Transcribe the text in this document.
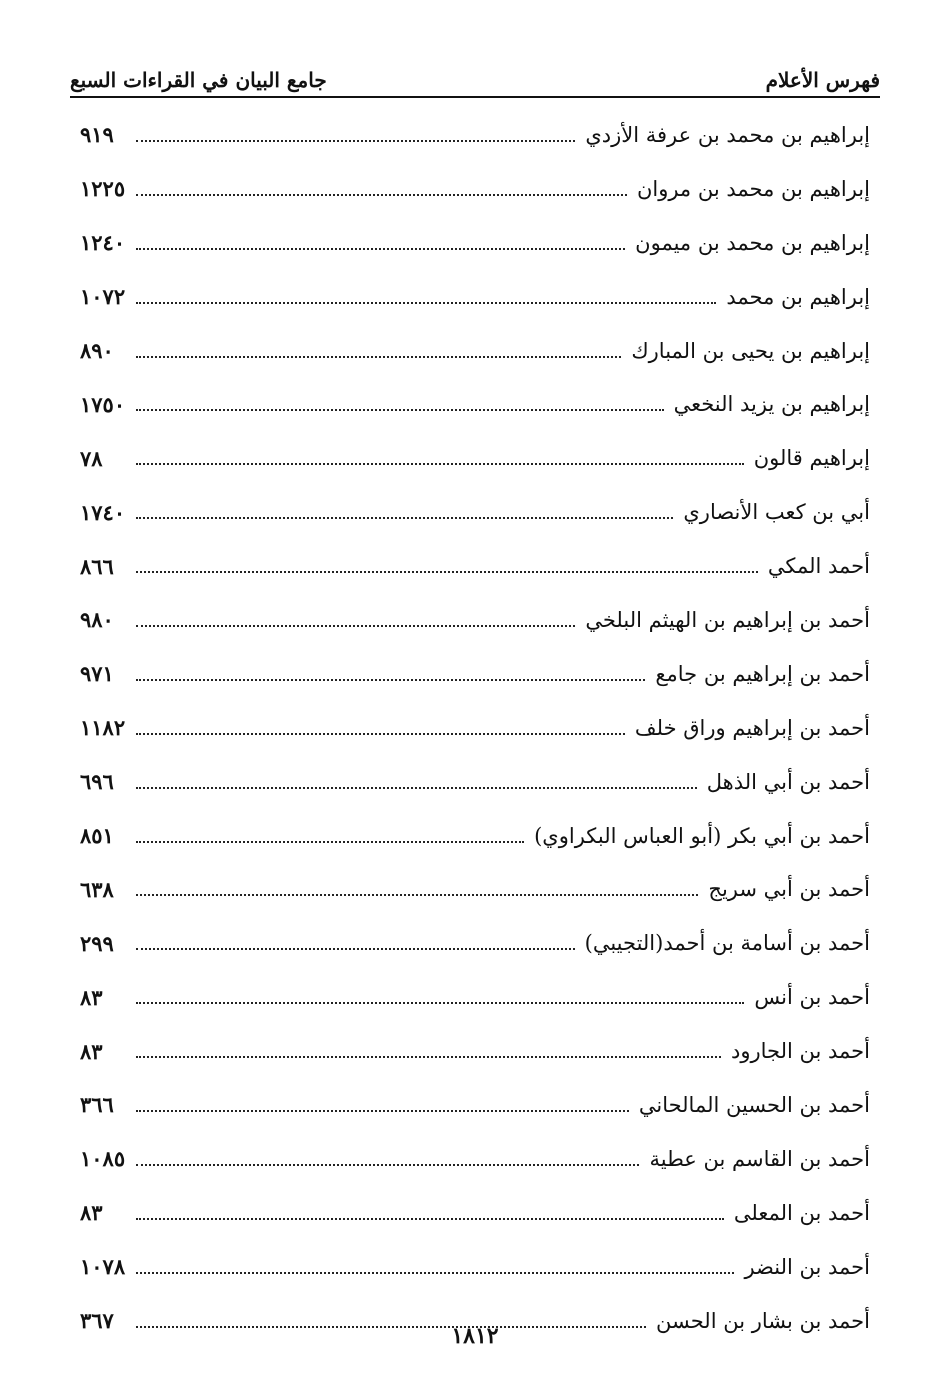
جامع البيان في القراءات السبع	فهرس الأعلام
إبراهيم بن محمد بن عرفة الأزدي
٩١٩
إبراهيم بن محمد بن مروان
١٢٢٥
إبراهيم بن محمد بن ميمون
١٢٤٠
إبراهيم بن محمد
١٠٧٢
إبراهيم بن يحيى بن المبارك
٨٩٠
إبراهيم بن يزيد النخعي
١٧٥٠
إبراهيم قالون
٧٨
أبي بن كعب الأنصاري
١٧٤٠
أحمد المكي
٨٦٦
أحمد بن إبراهيم بن الهيثم البلخي
٩٨٠
أحمد بن إبراهيم بن جامع
٩٧١
أحمد بن إبراهيم وراق خلف
١١٨٢
أحمد بن أبي الذهل
٦٩٦
أحمد بن أبي بكر (أبو العباس البكراوي)
٨٥١
أحمد بن أبي سريج
٦٣٨
أحمد بن أسامة بن أحمد(التجيبي)
٢٩٩
أحمد بن أنس
٨٣
أحمد بن الجارود
٨٣
أحمد بن الحسين المالحاني
٣٦٦
أحمد بن القاسم بن عطية
١٠٨٥
أحمد بن المعلى
٨٣
أحمد بن النضر
١٠٧٨
أحمد بن بشار بن الحسن
٣٦٧
١٨١٢
